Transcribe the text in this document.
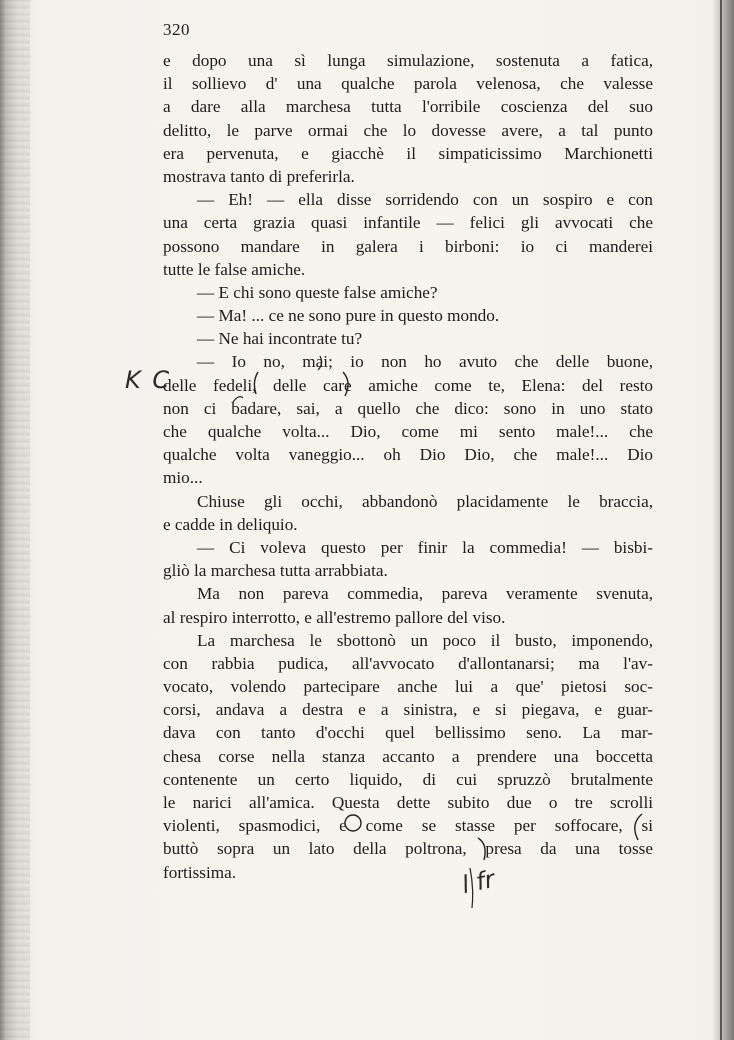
320
e dopo una sì lunga simulazione, sostenuta a fatica,
il sollievo d' una qualche parola velenosa, che valesse
a dare alla marchesa tutta l'orribile coscienza del suo
delitto, le parve ormai che lo dovesse avere, a tal punto
era pervenuta, e giacchè il simpaticissimo Marchionetti
mostrava tanto di preferirla.
— Eh! — ella disse sorridendo con un sospiro e con
una certa grazia quasi infantile — felici gli avvocati che
possono mandare in galera i birboni: io ci manderei
tutte le false amiche.
— E chi sono queste false amiche?
— Ma! ... ce ne sono pure in questo mondo.
— Ne hai incontrate tu?
— Io no, mai; io non ho avuto che delle buone,
delle fedeli, delle care amiche come te, Elena: del resto
non ci badare, sai, a quello che dico: sono in uno stato
che qualche volta... Dio, come mi sento male!... che
qualche volta vaneggio... oh Dio Dio, che male!... Dio
mio...
Chiuse gli occhi, abbandonò placidamente le braccia,
e cadde in deliquio.
— Ci voleva questo per finir la commedia! — bisbi-
gliò la marchesa tutta arrabbiata.
Ma non pareva commedia, pareva veramente svenuta,
al respiro interrotto, e all'estremo pallore del viso.
La marchesa le sbottonò un poco il busto, imponendo,
con rabbia pudica, all'avvocato d'allontanarsi; ma l'av-
vocato, volendo partecipare anche lui a que' pietosi soc-
corsi, andava a destra e a sinistra, e si piegava, e guar-
dava con tanto d'occhi quel bellissimo seno. La mar-
chesa corse nella stanza accanto a prendere una boccetta
contenente un certo liquido, di cui spruzzò brutalmente
le narici all'amica. Questa dette subito due o tre scrolli
violenti, spasmodici, e come se stasse per soffocare, si
buttò sopra un lato della poltrona, presa da una tosse
fortissima.
K C
l fr
